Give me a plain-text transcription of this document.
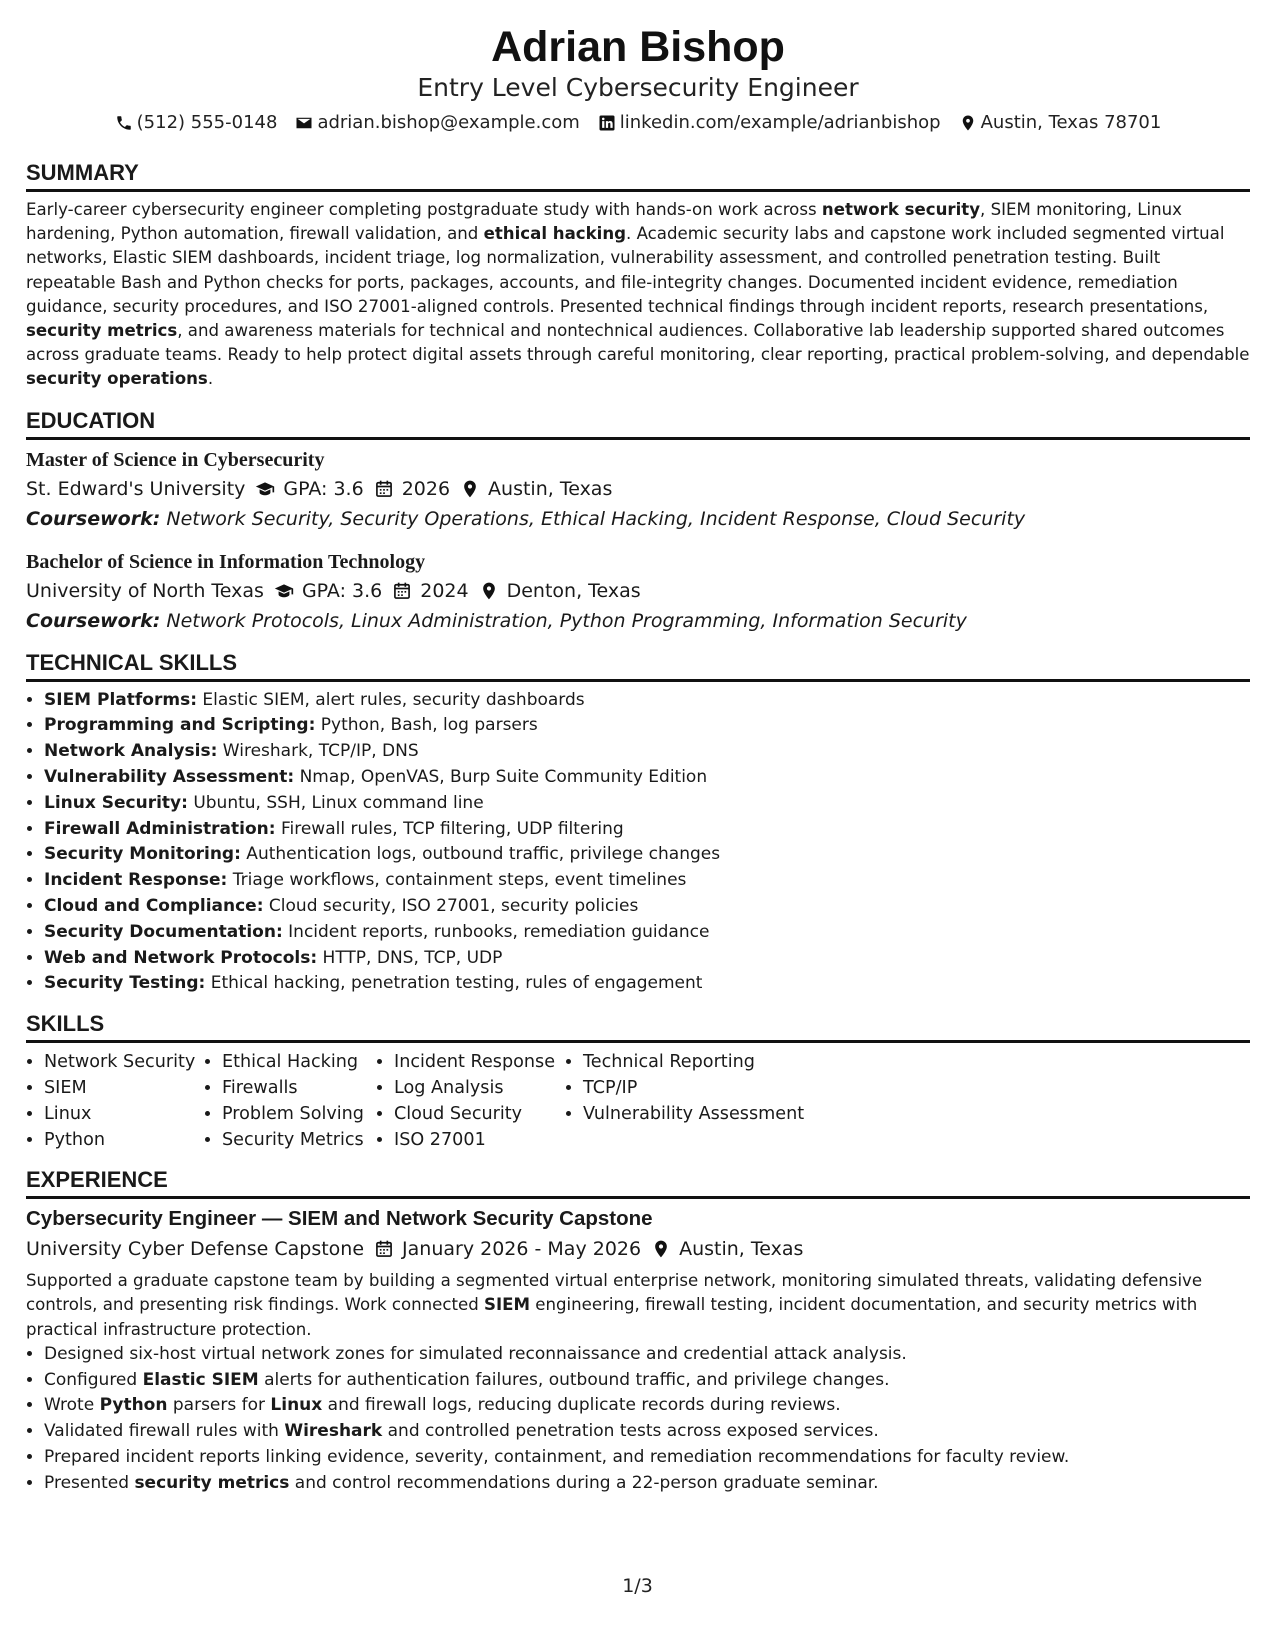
Adrian Bishop
Entry Level Cybersecurity Engineer
(512) 555-0148 adrian.bishop@example.com linkedin.com/example/adrianbishop Austin, Texas 78701
SUMMARY

Early-career cybersecurity engineer completing postgraduate study with hands-on work across network security, SIEM monitoring, Linux hardening, Python automation, firewall validation, and ethical hacking. Academic security labs and capstone work included segmented virtual networks, Elastic SIEM dashboards, incident triage, log normalization, vulnerability assessment, and controlled penetration testing. Built repeatable Bash and Python checks for ports, packages, accounts, and file-integrity changes. Documented incident evidence, remediation guidance, security procedures, and ISO 27001-aligned controls. Presented technical findings through incident reports, research presentations, security metrics, and awareness materials for technical and nontechnical audiences. Collaborative lab leadership supported shared outcomes across graduate teams. Ready to help protect digital assets through careful monitoring, clear reporting, practical problem-solving, and dependable security operations.

EDUCATION
Master of Science in Cybersecurity
St. Edward's University GPA: 3.6 2026 Austin, Texas
Coursework: Network Security, Security Operations, Ethical Hacking, Incident Response, Cloud Security
Bachelor of Science in Information Technology
University of North Texas GPA: 3.6 2024 Denton, Texas
Coursework: Network Protocols, Linux Administration, Python Programming, Information Security
TECHNICAL SKILLS
• SIEM Platforms: Elastic SIEM, alert rules, security dashboards
• Programming and Scripting: Python, Bash, log parsers
• Network Analysis: Wireshark, TCP/IP, DNS
• Vulnerability Assessment: Nmap, OpenVAS, Burp Suite Community Edition
• Linux Security: Ubuntu, SSH, Linux command line
• Firewall Administration: Firewall rules, TCP filtering, UDP filtering
• Security Monitoring: Authentication logs, outbound traffic, privilege changes
• Incident Response: Triage workflows, containment steps, event timelines
• Cloud and Compliance: Cloud security, ISO 27001, security policies
• Security Documentation: Incident reports, runbooks, remediation guidance
• Web and Network Protocols: HTTP, DNS, TCP, UDP
• Security Testing: Ethical hacking, penetration testing, rules of engagement
SKILLS
• Network Security
• SIEM
• Linux
• Python
• Ethical Hacking
• Firewalls
• Problem Solving
• Security Metrics
• Incident Response
• Log Analysis
• Cloud Security
• ISO 27001
• Technical Reporting
• TCP/IP
• Vulnerability Assessment
EXPERIENCE
Cybersecurity Engineer — SIEM and Network Security Capstone
University Cyber Defense Capstone January 2026 - May 2026 Austin, Texas

Supported a graduate capstone team by building a segmented virtual enterprise network, monitoring simulated threats, validating defensive controls, and presenting risk findings. Work connected SIEM engineering, firewall testing, incident documentation, and security metrics with practical infrastructure protection.

• Designed six-host virtual network zones for simulated reconnaissance and credential attack analysis.
• Configured Elastic SIEM alerts for authentication failures, outbound traffic, and privilege changes.
• Wrote Python parsers for Linux and firewall logs, reducing duplicate records during reviews.
• Validated firewall rules with Wireshark and controlled penetration tests across exposed services.
• Prepared incident reports linking evidence, severity, containment, and remediation recommendations for faculty review.
• Presented security metrics and control recommendations during a 22-person graduate seminar.
1/3
